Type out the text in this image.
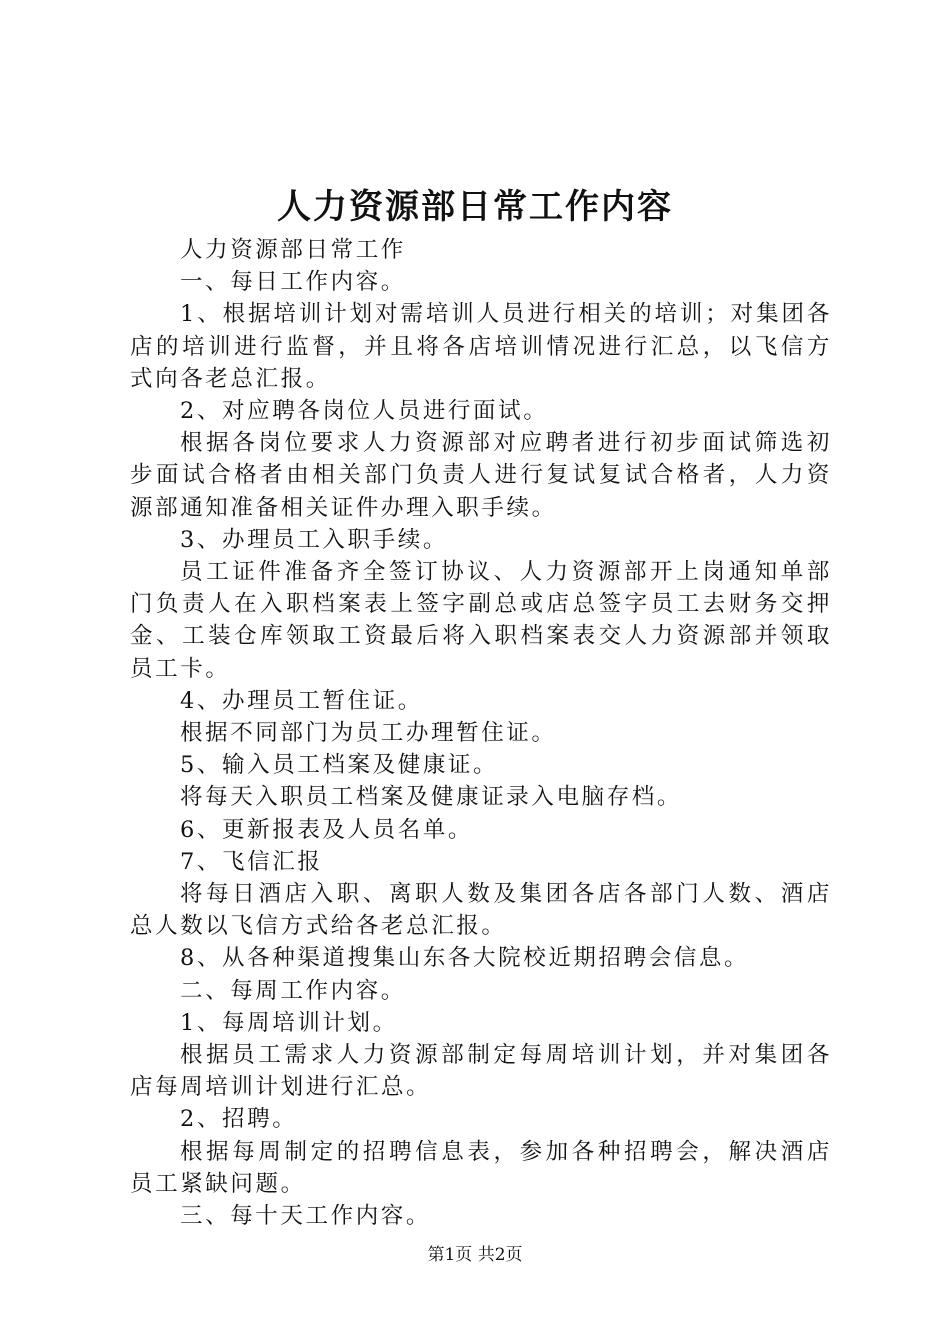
人力资源部日常工作内容

人力资源部日常工作

一、每日工作内容。

1、根据培训计划对需培训人员进行相关的培训；对集团各店的培训进行监督，并且将各店培训情况进行汇总，以飞信方式向各老总汇报。

2、对应聘各岗位人员进行面试。

根据各岗位要求人力资源部对应聘者进行初步面试筛选初步面试合格者由相关部门负责人进行复试复试合格者，人力资源部通知准备相关证件办理入职手续。

3、办理员工入职手续。

员工证件准备齐全签订协议、人力资源部开上岗通知单部门负责人在入职档案表上签字副总或店总签字员工去财务交押金、工装仓库领取工资最后将入职档案表交人力资源部并领取员工卡。

4、办理员工暂住证。

根据不同部门为员工办理暂住证。

5、输入员工档案及健康证。

将每天入职员工档案及健康证录入电脑存档。

6、更新报表及人员名单。

7、飞信汇报

将每日酒店入职、离职人数及集团各店各部门人数、酒店总人数以飞信方式给各老总汇报。

8、从各种渠道搜集山东各大院校近期招聘会信息。

二、每周工作内容。

1、每周培训计划。

根据员工需求人力资源部制定每周培训计划，并对集团各店每周培训计划进行汇总。

2、招聘。

根据每周制定的招聘信息表，参加各种招聘会，解决酒店员工紧缺问题。

三、每十天工作内容。

第1页 共2页
